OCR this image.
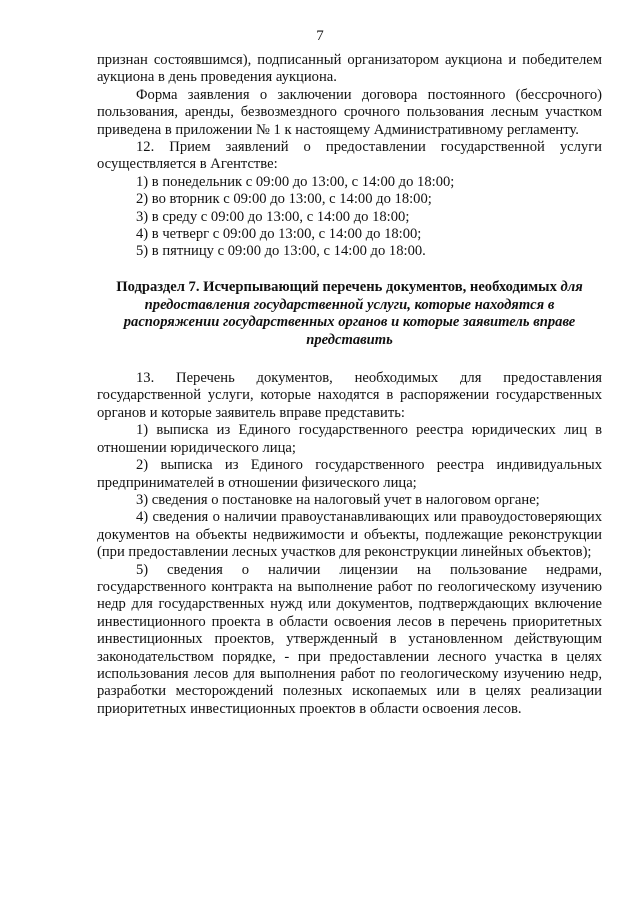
7

признан состоявшимся), подписанный организатором аукциона и победителем аукциона в день проведения аукциона.

Форма заявления о заключении договора постоянного (бессрочного) пользования, аренды, безвозмездного срочного пользования лесным участком приведена в приложении № 1 к настоящему Административному регламенту.

12. Прием заявлений о предоставлении государственной услуги осуществляется в Агентстве:

1) в понедельник с 09:00 до 13:00, с 14:00 до 18:00;

2) во вторник с 09:00 до 13:00, с 14:00 до 18:00;

3) в среду с 09:00 до 13:00, с 14:00 до 18:00;

4) в четверг с 09:00 до 13:00, с 14:00 до 18:00;

5) в пятницу с 09:00 до 13:00, с 14:00 до 18:00.

Подраздел 7. Исчерпывающий перечень документов, необходимых для предоставления государственной услуги, которые находятся в распоряжении государственных органов и которые заявитель вправе представить

13. Перечень документов, необходимых для предоставления государственной услуги, которые находятся в распоряжении государственных органов и которые заявитель вправе представить:

1) выписка из Единого государственного реестра юридических лиц в отношении юридического лица;

2) выписка из Единого государственного реестра индивидуальных предпринимателей в отношении физического лица;

3) сведения о постановке на налоговый учет в налоговом органе;

4) сведения о наличии правоустанавливающих или правоудостоверяющих документов на объекты недвижимости и объекты, подлежащие реконструкции (при предоставлении лесных участков для реконструкции линейных объектов);

5) сведения о наличии лицензии на пользование недрами, государственного контракта на выполнение работ по геологическому изучению недр для государственных нужд или документов, подтверждающих включение инвестиционного проекта в области освоения лесов в перечень приоритетных инвестиционных проектов, утвержденный в установленном действующим законодательством порядке, - при предоставлении лесного участка в целях использования лесов для выполнения работ по геологическому изучению недр, разработки месторождений полезных ископаемых или в целях реализации приоритетных инвестиционных проектов в области освоения лесов.
